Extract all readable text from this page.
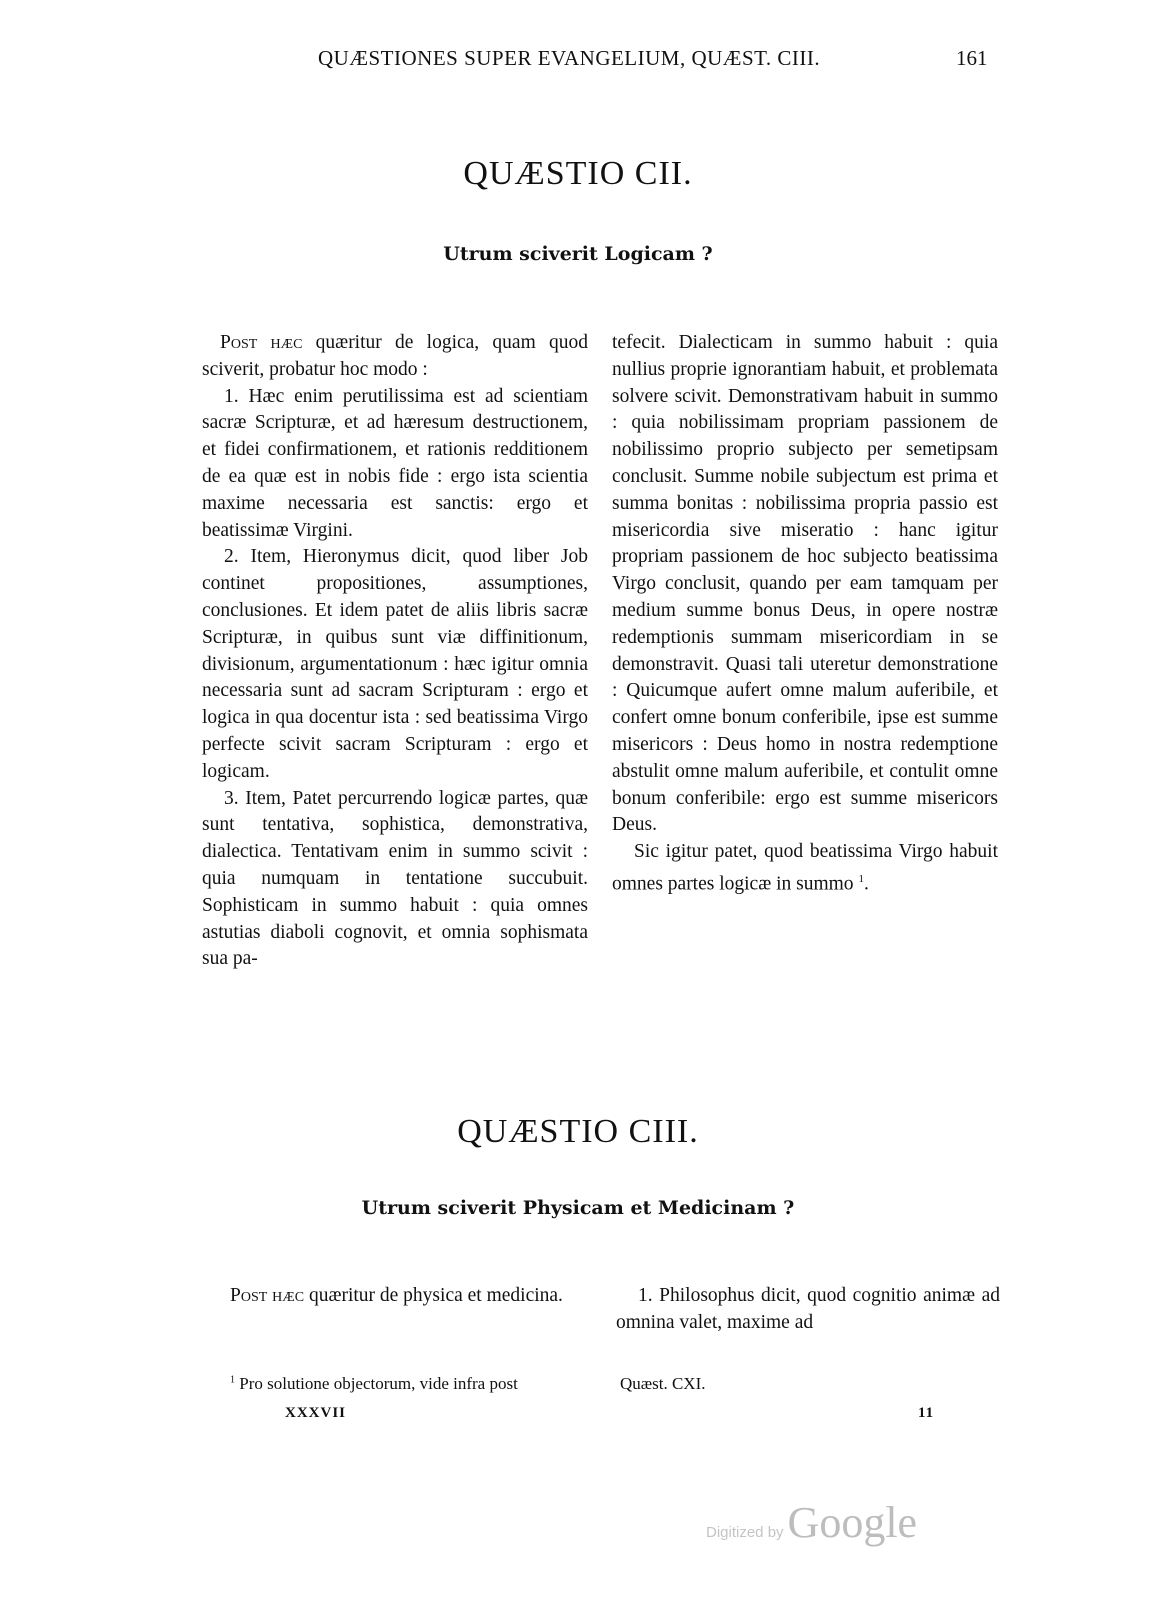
QUÆSTIONES SUPER EVANGELIUM, QUÆST. CIII.	161
QUÆSTIO CII.
Utrum sciverit Logicam ?

Post hæc quæritur de logica, quam quod sciverit, probatur hoc modo :

1. Hæc enim perutilissima est ad scientiam sacræ Scripturæ, et ad hæresum destructionem, et fidei confirmationem, et rationis redditionem de ea quæ est in nobis fide : ergo ista scientia maxime necessaria est sanctis: ergo et beatissimæ Virgini.

2. Item, Hieronymus dicit, quod liber Job continet propositiones, assumptiones, conclusiones. Et idem patet de aliis libris sacræ Scripturæ, in quibus sunt viæ diffinitionum, divisionum, argumentationum : hæc igitur omnia necessaria sunt ad sacram Scripturam : ergo et logica in qua docentur ista : sed beatissima Virgo perfecte scivit sacram Scripturam : ergo et logicam.

3. Item, Patet percurrendo logicæ partes, quæ sunt tentativa, sophistica, demonstrativa, dialectica. Tentativam enim in summo scivit : quia numquam in tentatione succubuit. Sophisticam in summo habuit : quia omnes astutias diaboli cognovit, et omnia sophismata sua pa-

tefecit. Dialecticam in summo habuit : quia nullius proprie ignorantiam habuit, et problemata solvere scivit. Demonstrativam habuit in summo : quia nobilissimam propriam passionem de nobilissimo proprio subjecto per semetipsam conclusit. Summe nobile subjectum est prima et summa bonitas : nobilissima propria passio est misericordia sive miseratio : hanc igitur propriam passionem de hoc subjecto beatissima Virgo conclusit, quando per eam tamquam per medium summe bonus Deus, in opere nostræ redemptionis summam misericordiam in se demonstravit. Quasi tali uteretur demonstratione : Quicumque aufert omne malum auferibile, et confert omne bonum conferibile, ipse est summe misericors : Deus homo in nostra redemptione abstulit omne malum auferibile, et contulit omne bonum conferibile: ergo est summe misericors Deus.

Sic igitur patet, quod beatissima Virgo habuit omnes partes logicæ in summo $^1$.

QUÆSTIO CIII.
Utrum sciverit Physicam et Medicinam ?

Post hæc quæritur de physica et medicina.	1. Philosophus dicit, quod cognitio animæ ad omnina valet, maxime ad

$^1$ Pro solutione objectorum, vide infra post	Quæst. CXI.
XXXVII	11
Digitized by Google
